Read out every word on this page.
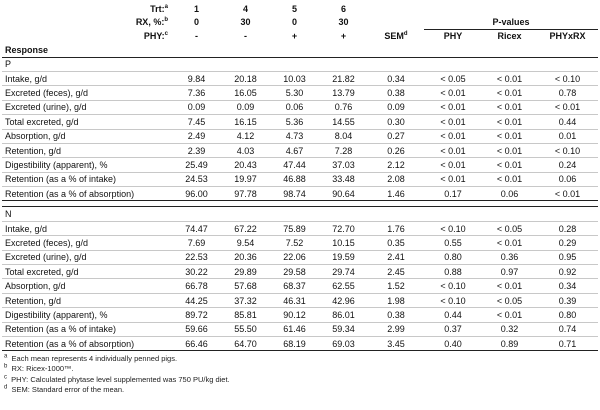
Trt:$^a$	1	4	5	6				
RX, %:$^b$	0	30	0	30		P-values		
PHY:$^c$	-	-	+	+	$SEM^d$	PHY	Ricex	PHYxRX
Response								
P								
Intake, g/d	9.84	20.18	10.03	21.82	0.34	< 0.05	< 0.01	< 0.10
Excreted (feces), g/d	7.36	16.05	5.30	13.79	0.38	< 0.01	< 0.01	0.78
Excreted (urine), g/d	0.09	0.09	0.06	0.76	0.09	< 0.01	< 0.01	< 0.01
Total excreted, g/d	7.45	16.15	5.36	14.55	0.30	< 0.01	< 0.01	0.44
Absorption, g/d	2.49	4.12	4.73	8.04	0.27	< 0.01	< 0.01	0.01
Retention, g/d	2.39	4.03	4.67	7.28	0.26	< 0.01	< 0.01	< 0.10
Digestibility (apparent), %	25.49	20.43	47.44	37.03	2.12	< 0.01	< 0.01	0.24
Retention (as a % of intake)	24.53	19.97	46.88	33.48	2.08	< 0.01	< 0.01	0.06
Retention (as a % of absorption)	96.00	97.78	98.74	90.64	1.46	0.17	0.06	< 0.01

N								
Intake, g/d	74.47	67.22	75.89	72.70	1.76	< 0.10	< 0.05	0.28
Excreted (feces), g/d	7.69	9.54	7.52	10.15	0.35	0.55	< 0.01	0.29
Excreted (urine), g/d	22.53	20.36	22.06	19.59	2.41	0.80	0.36	0.95
Total excreted, g/d	30.22	29.89	29.58	29.74	2.45	0.88	0.97	0.92
Absorption, g/d	66.78	57.68	68.37	62.55	1.52	< 0.10	< 0.01	0.34
Retention, g/d	44.25	37.32	46.31	42.96	1.98	< 0.10	< 0.05	0.39
Digestibility (apparent), %	89.72	85.81	90.12	86.01	0.38	0.44	< 0.01	0.80
Retention (as a % of intake)	59.66	55.50	61.46	59.34	2.99	0.37	0.32	0.74
Retention (as a % of absorption)	66.46	64.70	68.19	69.03	3.45	0.40	0.89	0.71
$^a$ Each mean represents 4 individually penned pigs.
$^b$ RX: Ricex-1000™.
$^c$ PHY: Calculated phytase level supplemented was 750 PU/kg diet.
$^d$ SEM: Standard error of the mean.
